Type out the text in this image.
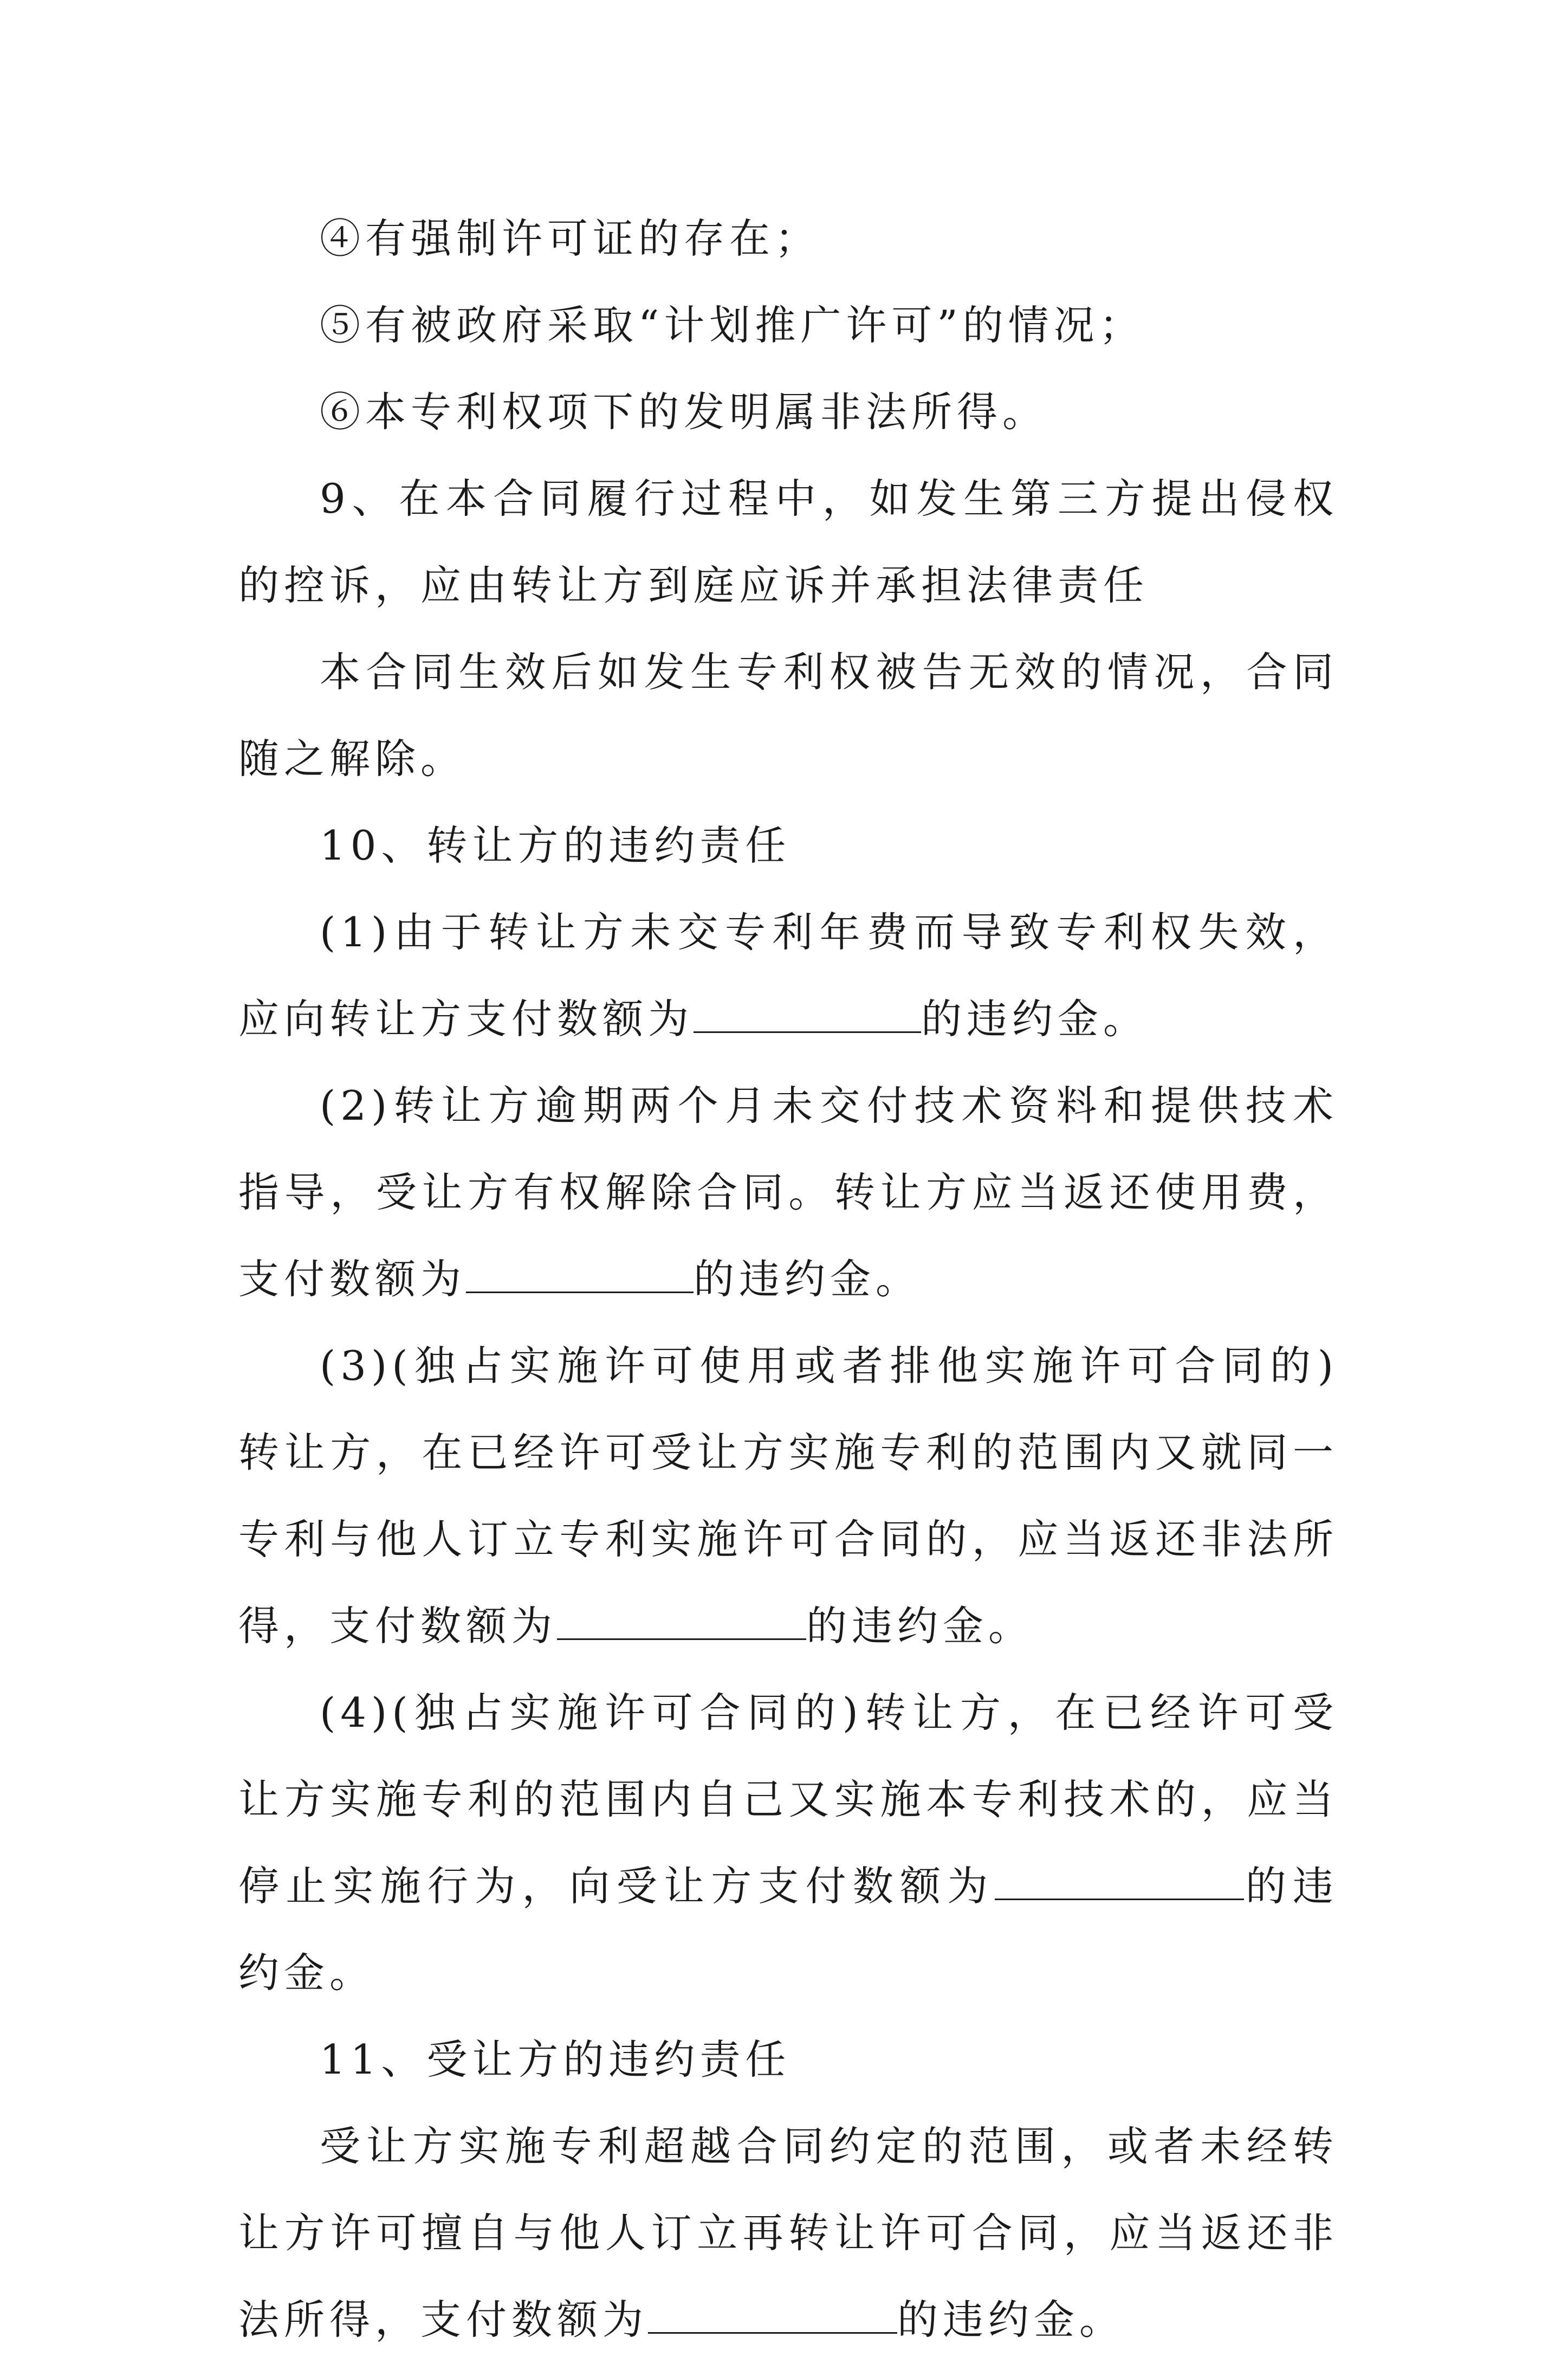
④有强制许可证的存在；

⑤有被政府采取“计划推广许可”的情况；

⑥本专利权项下的发明属非法所得。

9、在本合同履行过程中，如发生第三方提出侵权的控诉，应由转让方到庭应诉并承担法律责任

本合同生效后如发生专利权被告无效的情况，合同随之解除。

10、转让方的违约责任

(1)由于转让方未交专利年费而导致专利权失效，应向转让方支付数额为	的违约金。

(2)转让方逾期两个月未交付技术资料和提供技术指导，受让方有权解除合同。转让方应当返还使用费，支付数额为	的违约金。

(3)(独占实施许可使用或者排他实施许可合同的)转让方，在已经许可受让方实施专利的范围内又就同一专利与他人订立专利实施许可合同的，应当返还非法所得，支付数额为	的违约金。

(4)(独占实施许可合同的)转让方，在已经许可受让方实施专利的范围内自己又实施本专利技术的，应当停止实施行为，向受让方支付数额为	的违约金。

11、受让方的违约责任

受让方实施专利超越合同约定的范围，或者未经转让方许可擅自与他人订立再转让许可合同，应当返还非法所得，支付数额为	的违约金。
